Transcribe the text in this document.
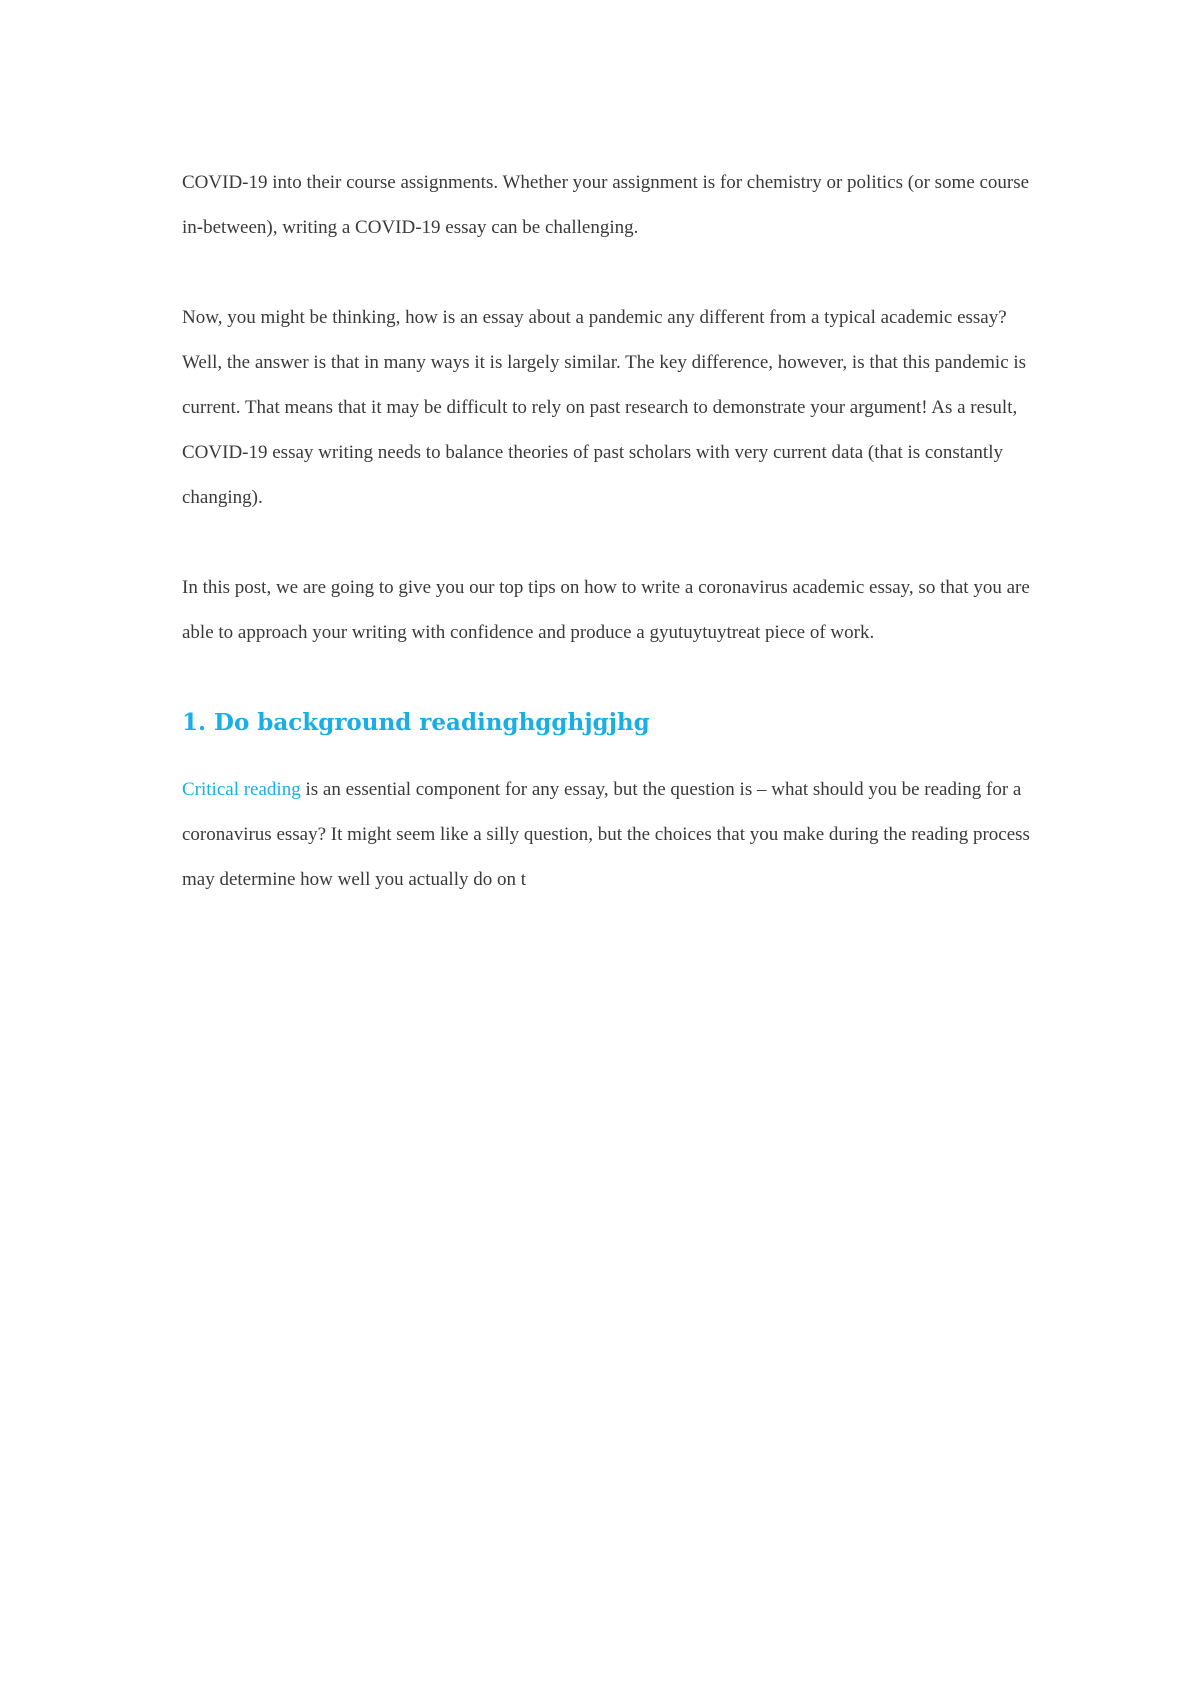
COVID-19 into their course assignments. Whether your assignment is for chemistry or politics (or some course in-between), writing a COVID-19 essay can be challenging.

Now, you might be thinking, how is an essay about a pandemic any different from a typical academic essay? Well, the answer is that in many ways it is largely similar. The key difference, however, is that this pandemic is current. That means that it may be difficult to rely on past research to demonstrate your argument! As a result, COVID-19 essay writing needs to balance theories of past scholars with very current data (that is constantly changing).

In this post, we are going to give you our top tips on how to write a coronavirus academic essay, so that you are able to approach your writing with confidence and produce a gyutuytuytreat piece of work.

1. Do background readinghgghjgjhg

Critical reading is an essential component for any essay, but the question is – what should you be reading for a coronavirus essay? It might seem like a silly question, but the choices that you make during the reading process may determine how well you actually do on t
